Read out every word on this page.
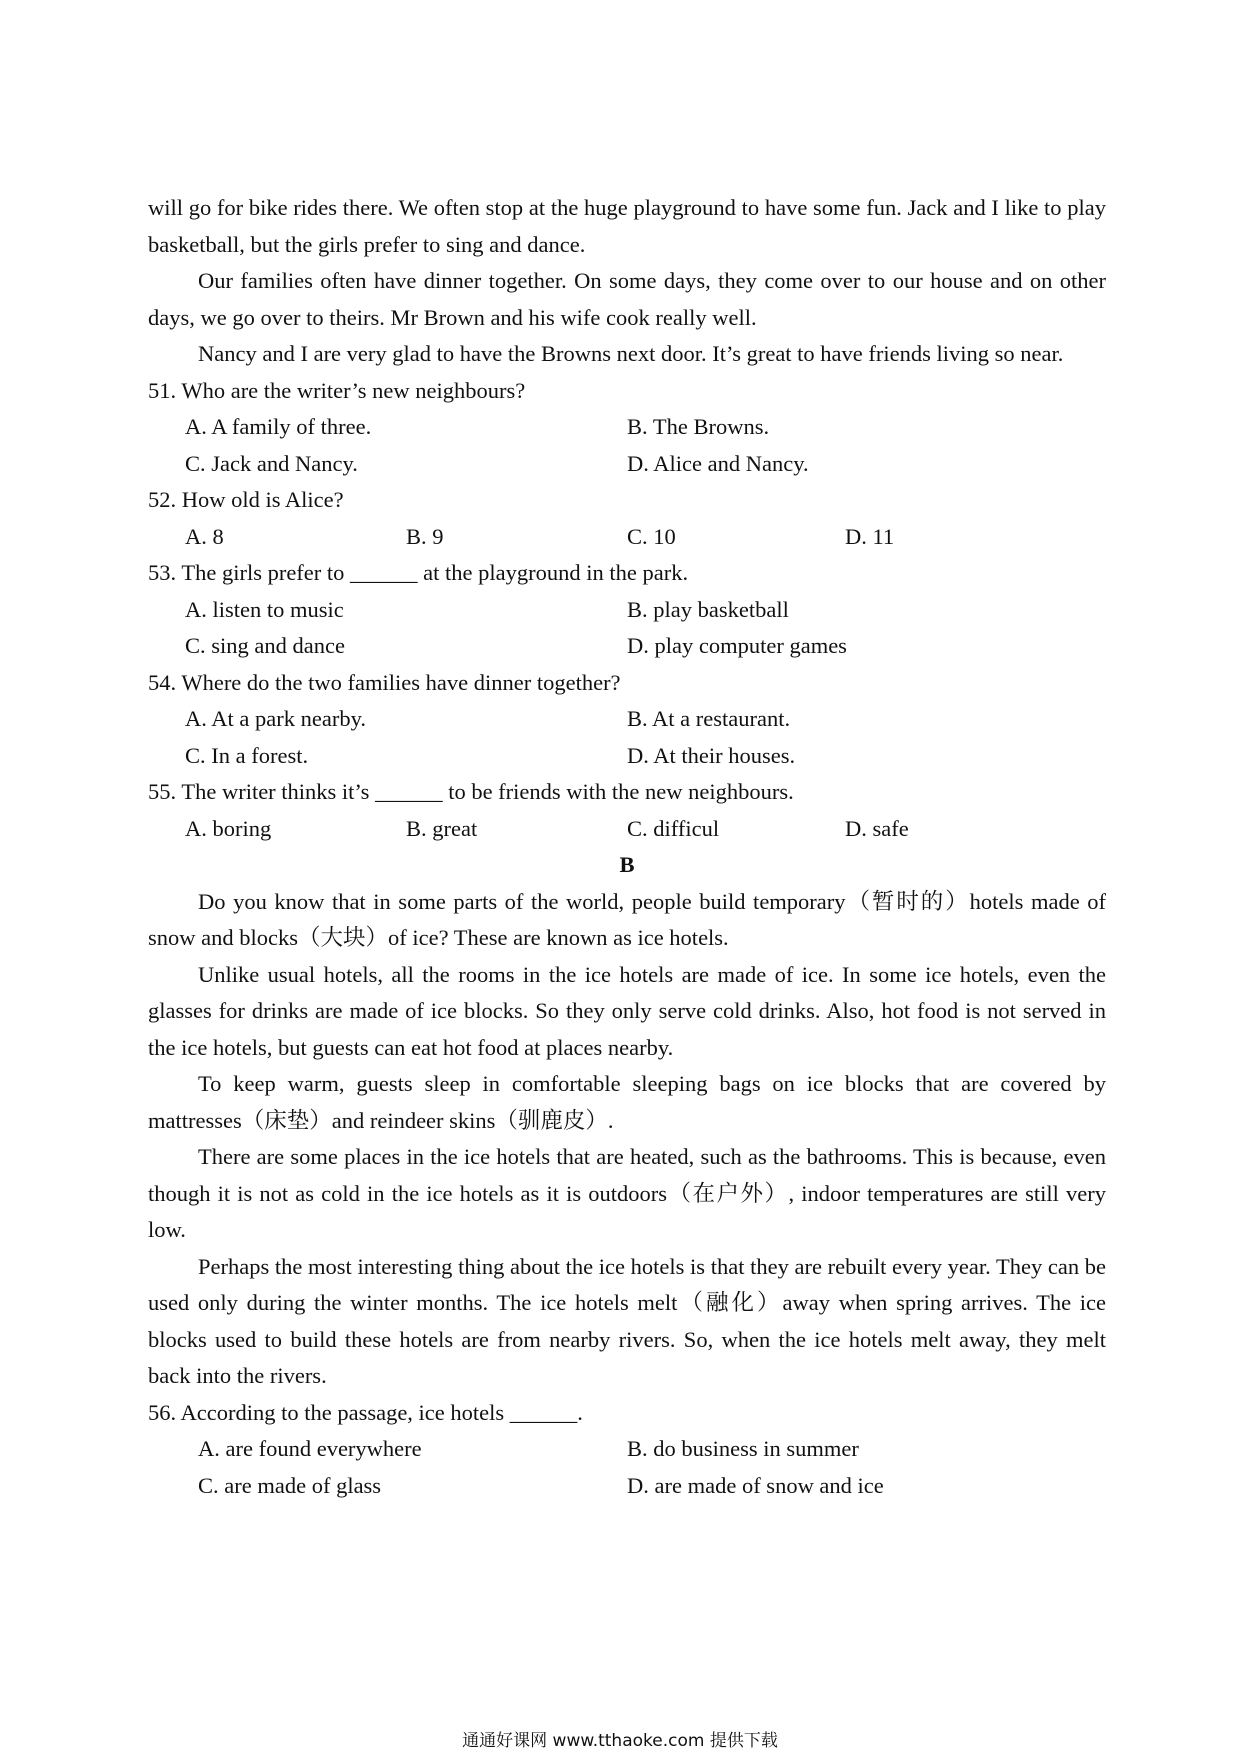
will go for bike rides there. We often stop at the huge playground to have some fun. Jack and I like to play basketball, but the girls prefer to sing and dance.

Our families often have dinner together. On some days, they come over to our house and on other days, we go over to theirs. Mr Brown and his wife cook really well.

Nancy and I are very glad to have the Browns next door. It’s great to have friends living so near.

51. Who are the writer’s new neighbours?

A. A family of three.	B. The Browns.
C. Jack and Nancy.	D. Alice and Nancy.

52. How old is Alice?

A. 8	B. 9	C. 10	D. 11

53. The girls prefer to ______ at the playground in the park.

A. listen to music	B. play basketball
C. sing and dance	D. play computer games

54. Where do the two families have dinner together?

A. At a park nearby.	B. At a restaurant.
C. In a forest.	D. At their houses.

55. The writer thinks it’s ______ to be friends with the new neighbours.

A. boring	B. great	C. difficul	D. safe

B

Do you know that in some parts of the world, people build temporary（暂时的）hotels made of snow and blocks（大块）of ice? These are known as ice hotels.

Unlike usual hotels, all the rooms in the ice hotels are made of ice. In some ice hotels, even the glasses for drinks are made of ice blocks. So they only serve cold drinks. Also, hot food is not served in the ice hotels, but guests can eat hot food at places nearby.

To keep warm, guests sleep in comfortable sleeping bags on ice blocks that are covered by mattresses（床垫）and reindeer skins（驯鹿皮）.

There are some places in the ice hotels that are heated, such as the bathrooms. This is because, even though it is not as cold in the ice hotels as it is outdoors（在户外）, indoor temperatures are still very low.

Perhaps the most interesting thing about the ice hotels is that they are rebuilt every year. They can be used only during the winter months. The ice hotels melt（融化）away when spring arrives. The ice blocks used to build these hotels are from nearby rivers. So, when the ice hotels melt away, they melt back into the rivers.

56. According to the passage, ice hotels ______.

A. are found everywhere	B. do business in summer
C. are made of glass	D. are made of snow and ice
通通好课网 www.tthaoke.com 提供下载
